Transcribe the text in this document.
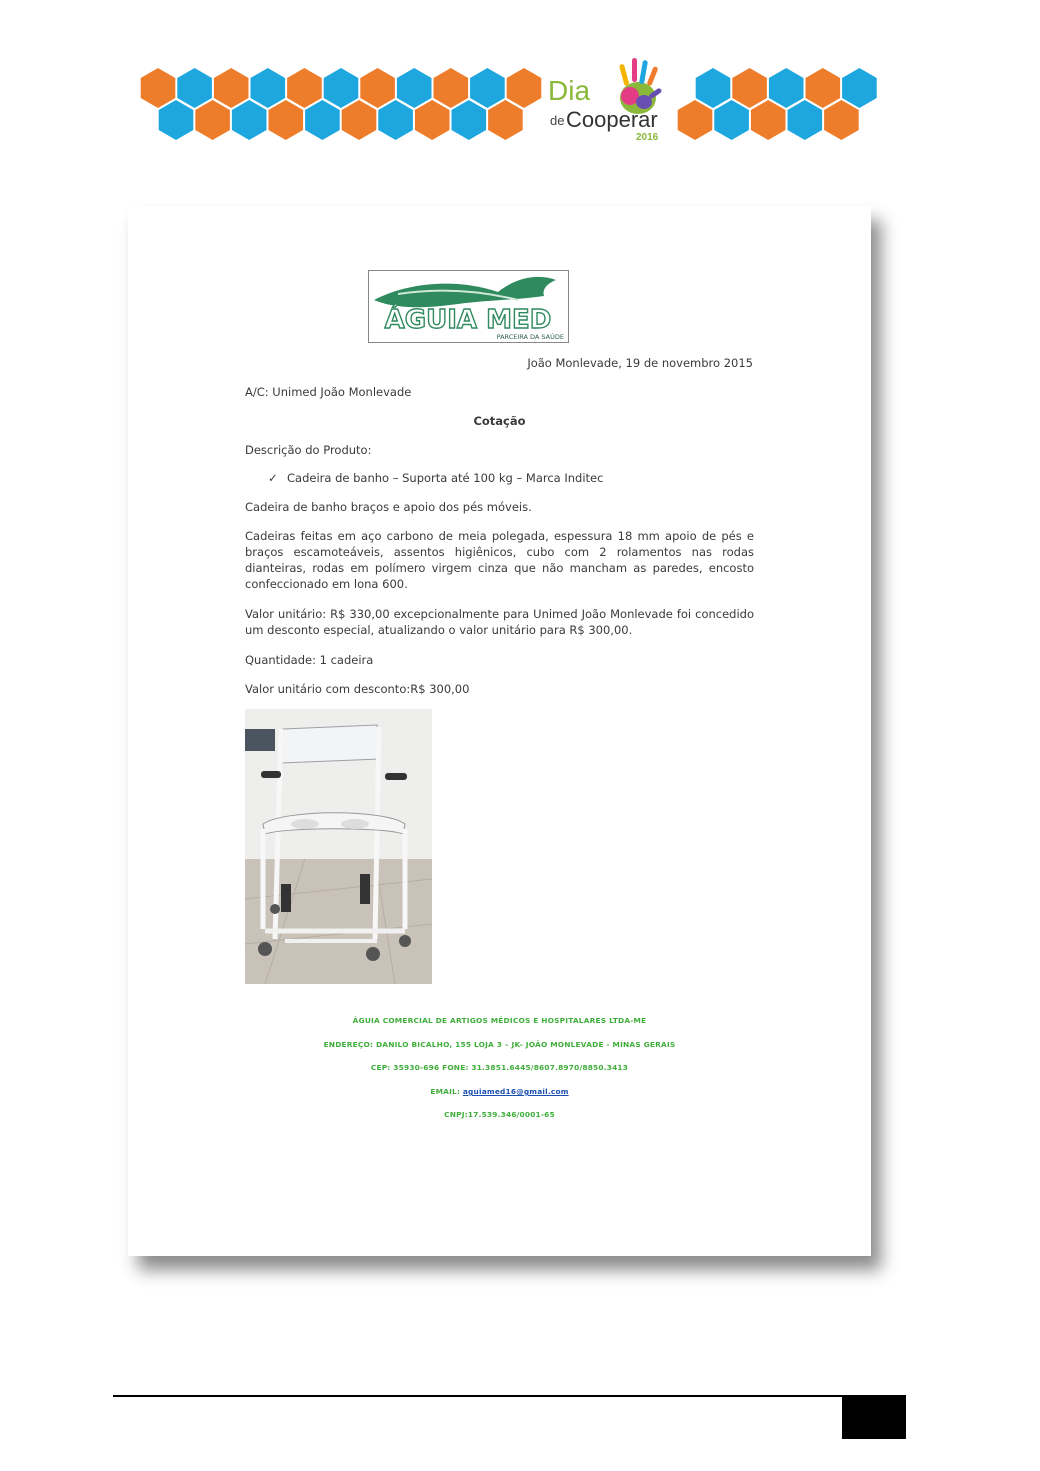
Dia
de Cooperar
2016
ÁGUIA MED
PARCEIRA DA SAÚDE
João Monlevade, 19 de novembro 2015
A/C: Unimed João Monlevade
Cotação
Descrição do Produto:
✓ Cadeira de banho – Suporta até 100 kg – Marca Inditec
Cadeira de banho braços e apoio dos pés móveis.
Cadeiras feitas em aço carbono de meia polegada, espessura 18 mm apoio de pés e braços escamoteáveis, assentos higiênicos, cubo com 2 rolamentos nas rodas dianteiras, rodas em polímero virgem cinza que não mancham as paredes, encosto confeccionado em lona 600.
Valor unitário: R$ 330,00 excepcionalmente para Unimed João Monlevade foi concedido um desconto especial, atualizando o valor unitário para R$ 300,00.
Quantidade: 1 cadeira
Valor unitário com desconto:R$ 300,00
ÁGUIA COMERCIAL DE ARTIGOS MÉDICOS E HOSPITALARES LTDA-ME
ENDEREÇO: DANILO BICALHO, 155 LOJA 3 – JK- JOÃO MONLEVADE - MINAS GERAIS
CEP: 35930-696 FONE: 31.3851.6445/8607.8970/8850.3413
EMAIL: aguiamed16@gmail.com
CNPJ:17.539.346/0001-65
